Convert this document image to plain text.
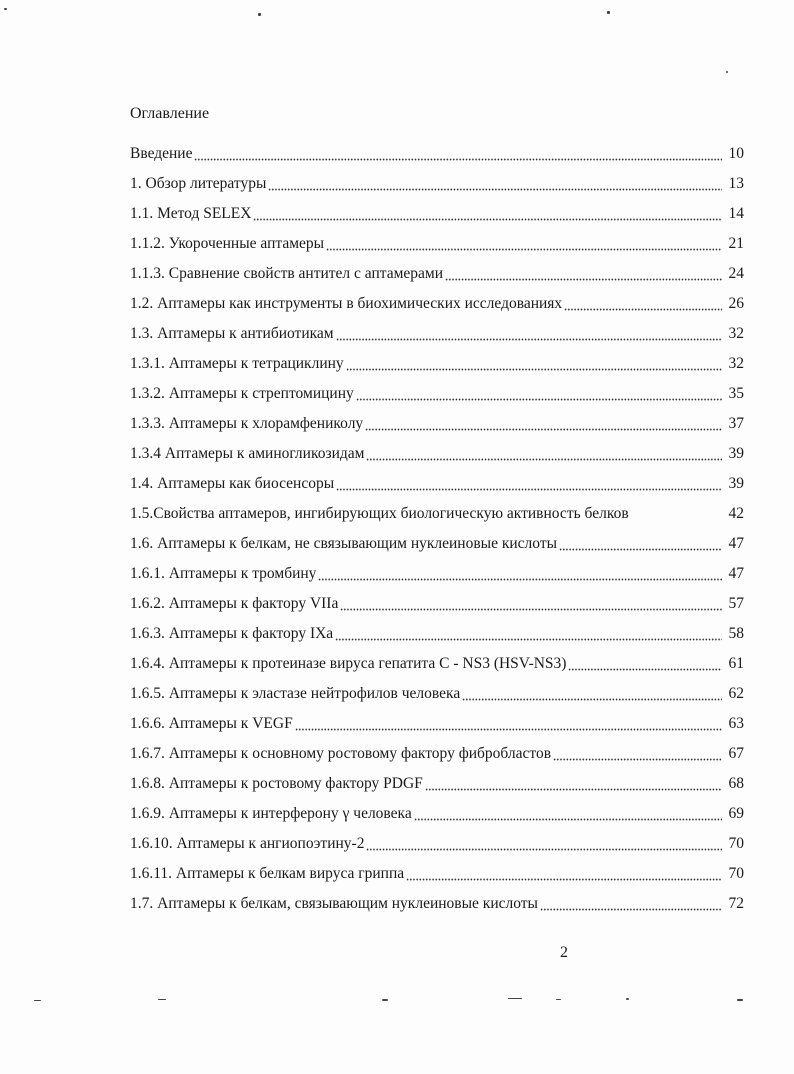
Оглавление
Введение	10
1. Обзор литературы	13
1.1. Метод SELEX	14
1.1.2. Укороченные аптамеры	21
1.1.3. Сравнение свойств антител с аптамерами	24
1.2. Аптамеры как инструменты в биохимических исследованиях	26
1.3. Аптамеры к антибиотикам	32
1.3.1. Аптамеры к тетрациклину	32
1.3.2. Аптамеры к стрептомицину	35
1.3.3. Аптамеры к хлорамфениколу	37
1.3.4 Аптамеры к аминогликозидам	39
1.4. Аптамеры как биосенсоры	39
1.5.Свойства аптамеров, ингибирующих биологическую активность белков	42
1.6. Аптамеры к белкам, не связывающим нуклеиновые кислоты	47
1.6.1. Аптамеры к тромбину	47
1.6.2. Аптамеры к фактору VIIa	57
1.6.3. Аптамеры к фактору IXa	58
1.6.4. Аптамеры к протеиназе вируса гепатита С - NS3 (HSV-NS3)	61
1.6.5. Аптамеры к эластазе нейтрофилов человека	62
1.6.6. Аптамеры к VEGF	63
1.6.7. Аптамеры к основному ростовому фактору фибробластов	67
1.6.8. Аптамеры к ростовому фактору PDGF	68
1.6.9. Аптамеры к интерферону γ человека	69
1.6.10. Аптамеры к ангиопоэтину-2	70
1.6.11. Аптамеры к белкам вируса гриппа	70
1.7. Аптамеры к белкам, связывающим нуклеиновые кислоты	72
2
